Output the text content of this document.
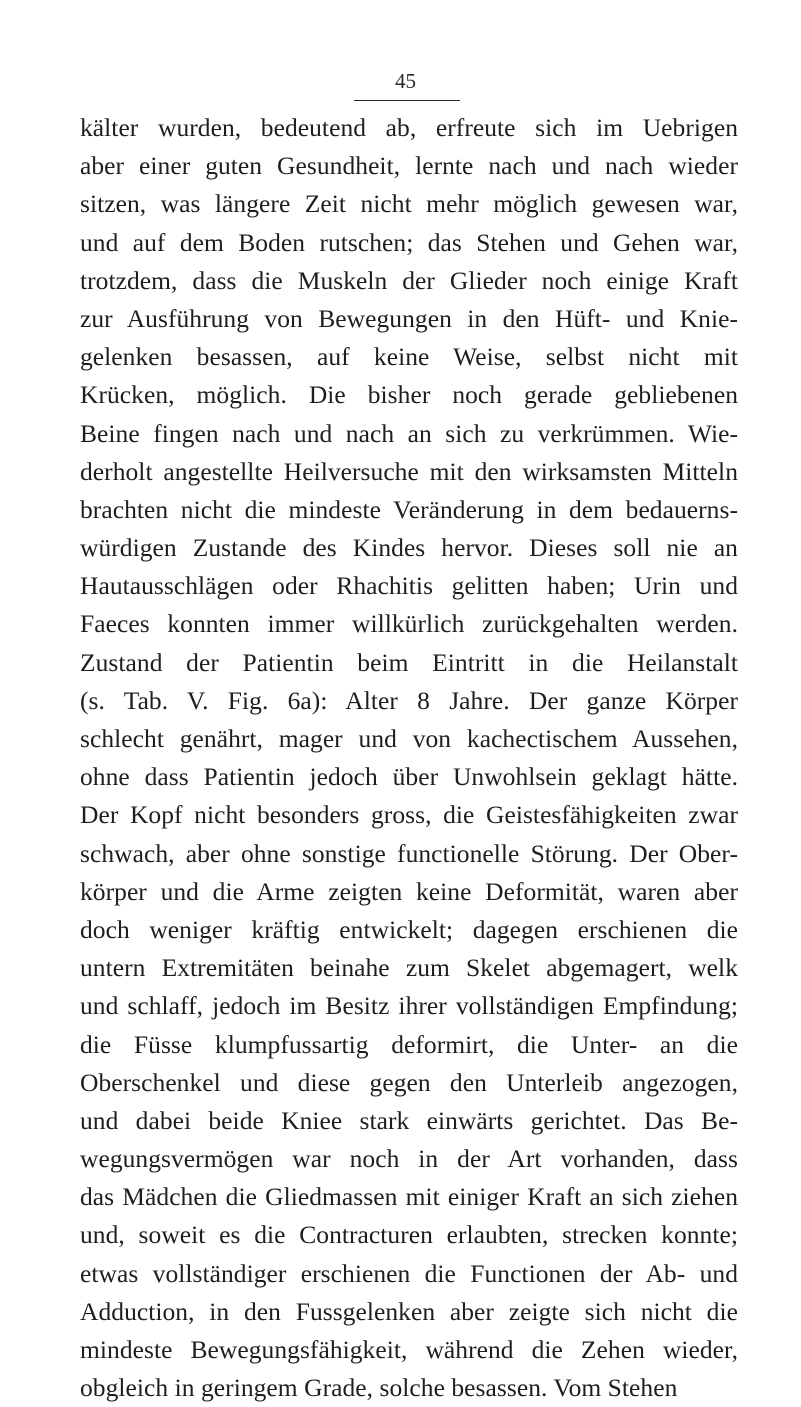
45
kälter wurden, bedeutend ab, erfreute sich im Uebrigen
aber einer guten Gesundheit, lernte nach und nach wieder
sitzen, was längere Zeit nicht mehr möglich gewesen war,
und auf dem Boden rutschen; das Stehen und Gehen war,
trotzdem, dass die Muskeln der Glieder noch einige Kraft
zur Ausführung von Bewegungen in den Hüft- und Knie-
gelenken besassen, auf keine Weise, selbst nicht mit
Krücken, möglich. Die bisher noch gerade gebliebenen
Beine fingen nach und nach an sich zu verkrümmen. Wie-
derholt angestellte Heilversuche mit den wirksamsten Mitteln
brachten nicht die mindeste Veränderung in dem bedauerns-
würdigen Zustande des Kindes hervor. Dieses soll nie an
Hautausschlägen oder Rhachitis gelitten haben; Urin und
Faeces konnten immer willkürlich zurückgehalten werden.
Zustand der Patientin beim Eintritt in die Heilanstalt
(s. Tab. V. Fig. 6a): Alter 8 Jahre. Der ganze Körper
schlecht genährt, mager und von kachectischem Aussehen,
ohne dass Patientin jedoch über Unwohlsein geklagt hätte.
Der Kopf nicht besonders gross, die Geistesfähigkeiten zwar
schwach, aber ohne sonstige functionelle Störung. Der Ober-
körper und die Arme zeigten keine Deformität, waren aber
doch weniger kräftig entwickelt; dagegen erschienen die
untern Extremitäten beinahe zum Skelet abgemagert, welk
und schlaff, jedoch im Besitz ihrer vollständigen Empfindung;
die Füsse klumpfussartig deformirt, die Unter- an die
Oberschenkel und diese gegen den Unterleib angezogen,
und dabei beide Kniee stark einwärts gerichtet. Das Be-
wegungsvermögen war noch in der Art vorhanden, dass
das Mädchen die Gliedmassen mit einiger Kraft an sich ziehen
und, soweit es die Contracturen erlaubten, strecken konnte;
etwas vollständiger erschienen die Functionen der Ab- und
Adduction, in den Fussgelenken aber zeigte sich nicht die
mindeste Bewegungsfähigkeit, während die Zehen wieder,
obgleich in geringem Grade, solche besassen. Vom Stehen
